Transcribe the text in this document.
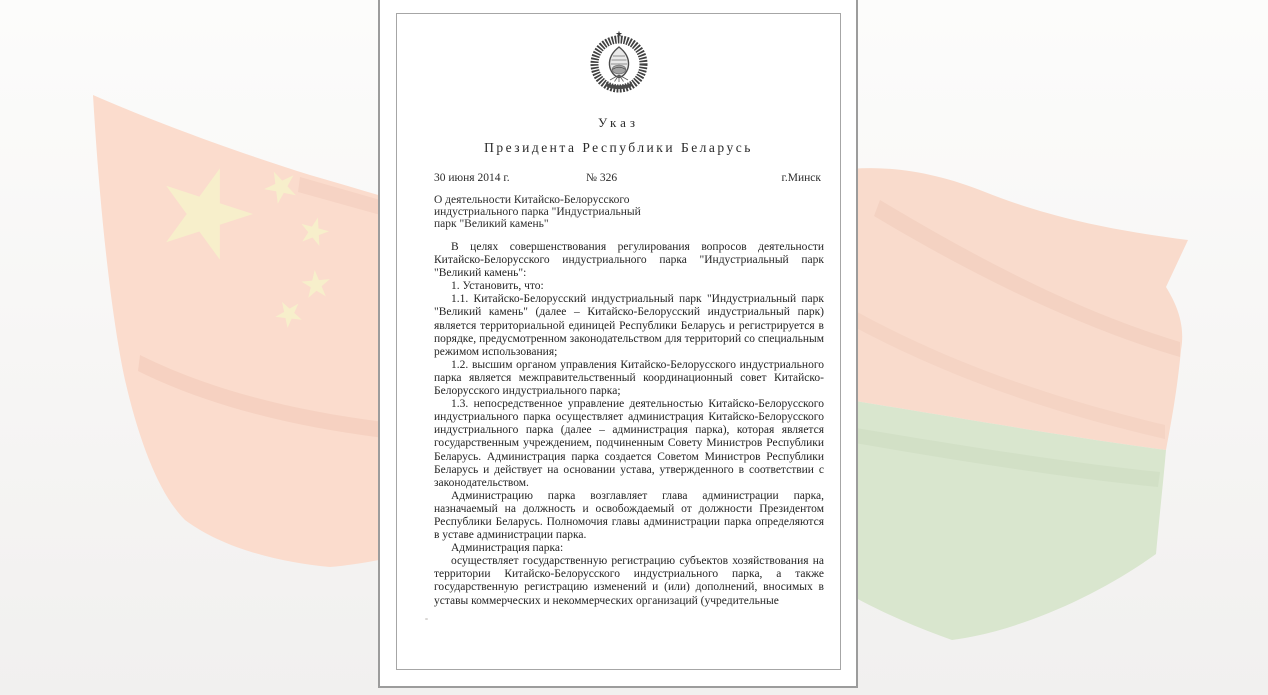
Указ
Президента Республики Беларусь
30 июня 2014 г.	№ 326	г.Минск
О деятельности Китайско-Белорусского
индустриального парка "Индустриальный
парк "Великий камень"

В целях совершенствования регулирования вопросов деятельности Китайско-Белорусского индустриального парка "Индустриальный парк "Великий камень":

1. Установить, что:

1.1. Китайско-Белорусский индустриальный парк "Индустриальный парк "Великий камень" (далее – Китайско-Белорусский индустриальный парк) является территориальной единицей Республики Беларусь и регистрируется в порядке, предусмотренном законодательством для территорий со специальным режимом использования;

1.2. высшим органом управления Китайско-Белорусского индустриального парка является межправительственный координационный совет Китайско-Белорусского индустриального парка;

1.3. непосредственное управление деятельностью Китайско-Белорусского индустриального парка осуществляет администрация Китайско-Белорусского индустриального парка (далее – администрация парка), которая является государственным учреждением, подчиненным Совету Министров Республики Беларусь. Администрация парка создается Советом Министров Республики Беларусь и действует на основании устава, утвержденного в соответствии с законодательством.

Администрацию парка возглавляет глава администрации парка, назначаемый на должность и освобождаемый от должности Президентом Республики Беларусь. Полномочия главы администрации парка определяются в уставе администрации парка.

Администрация парка:

осуществляет государственную регистрацию субъектов хозяйствования на территории Китайско-Белорусского индустриального парка, а также государственную регистрацию изменений и (или) дополнений, вносимых в уставы коммерческих и некоммерческих организаций (учредительные
